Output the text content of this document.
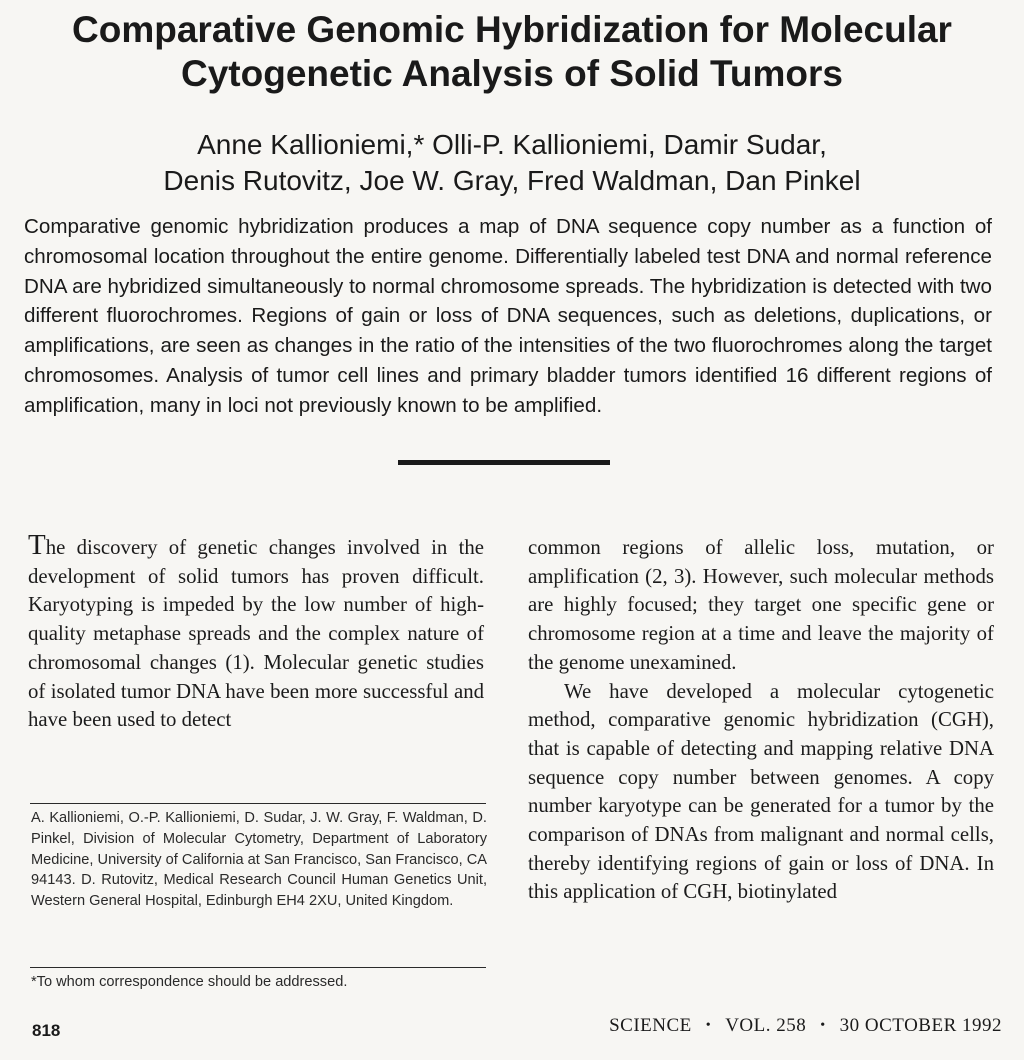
Comparative Genomic Hybridization for Molecular
Cytogenetic Analysis of Solid Tumors
Anne Kallioniemi,* Olli-P. Kallioniemi, Damir Sudar,
Denis Rutovitz, Joe W. Gray, Fred Waldman, Dan Pinkel

Comparative genomic hybridization produces a map of DNA sequence copy number as a function of chromosomal location throughout the entire genome. Differentially labeled test DNA and normal reference DNA are hybridized simultaneously to normal chromosome spreads. The hybridization is detected with two different fluorochromes. Regions of gain or loss of DNA sequences, such as deletions, duplications, or amplifications, are seen as changes in the ratio of the intensities of the two fluorochromes along the target chromosomes. Analysis of tumor cell lines and primary bladder tumors identified 16 different regions of amplification, many in loci not previously known to be amplified.

The discovery of genetic changes involved in the development of solid tumors has proven difficult. Karyotyping is impeded by the low number of high-quality metaphase spreads and the complex nature of chromosomal changes (1). Molecular genetic studies of isolated tumor DNA have been more successful and have been used to detect

A. Kallioniemi, O.-P. Kallioniemi, D. Sudar, J. W. Gray, F. Waldman, D. Pinkel, Division of Molecular Cytometry, Department of Laboratory Medicine, University of California at San Francisco, San Francisco, CA 94143. D. Rutovitz, Medical Research Council Human Genetics Unit, Western General Hospital, Edinburgh EH4 2XU, United Kingdom.
*To whom correspondence should be addressed.

common regions of allelic loss, mutation, or amplification (2, 3). However, such molecular methods are highly focused; they target one specific gene or chromosome region at a time and leave the majority of the genome unexamined.

We have developed a molecular cytogenetic method, comparative genomic hybridization (CGH), that is capable of detecting and mapping relative DNA sequence copy number between genomes. A copy number karyotype can be generated for a tumor by the comparison of DNAs from malignant and normal cells, thereby identifying regions of gain or loss of DNA. In this application of CGH, biotinylated

818	SCIENCE • VOL. 258 • 30 OCTOBER 1992
